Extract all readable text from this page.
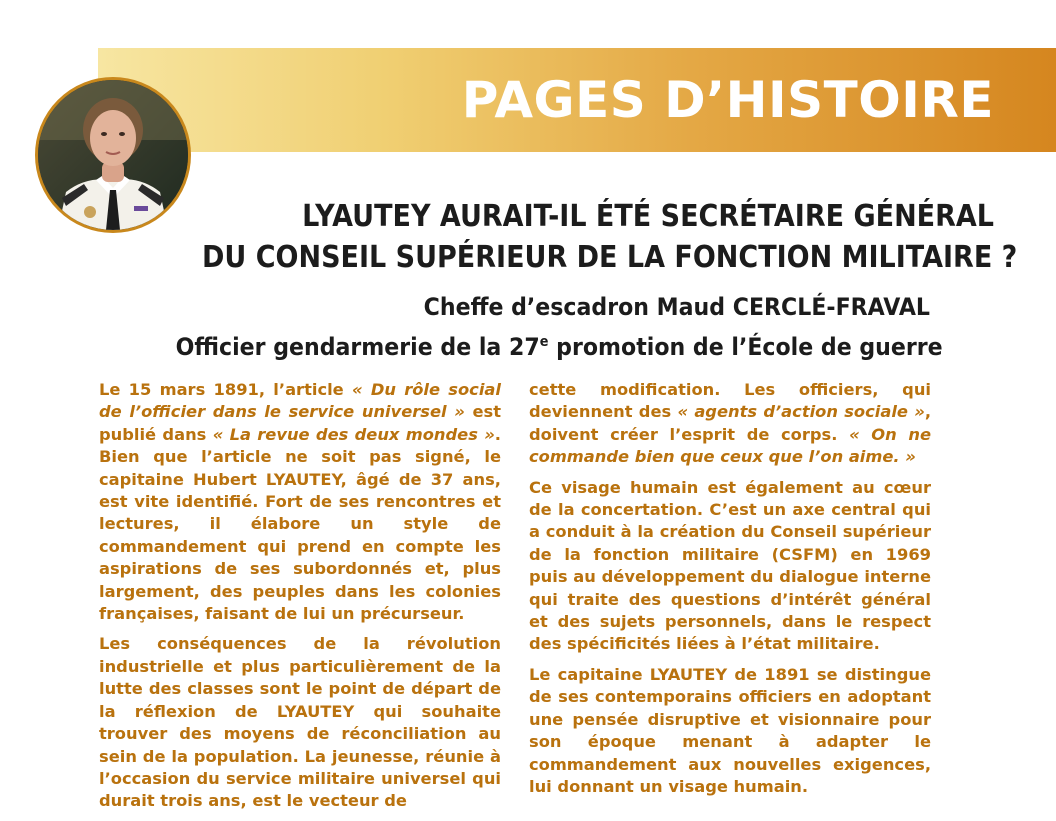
PAGES D’HISTOIRE
LYAUTEY AURAIT-IL ÉTÉ SECRÉTAIRE GÉNÉRAL
DU CONSEIL SUPÉRIEUR DE LA FONCTION MILITAIRE ?
Cheffe d’escadron Maud CERCLÉ-FRAVAL
Officier gendarmerie de la 27e promotion de l’École de guerre

Le 15 mars 1891, l’article « Du rôle social de l’officier dans le service universel » est publié dans « La revue des deux mondes ». Bien que l’article ne soit pas signé, le capitaine Hubert LYAUTEY, âgé de 37 ans, est vite identifié. Fort de ses rencontres et lectures, il élabore un style de commandement qui prend en compte les aspirations de ses subordonnés et, plus largement, des peuples dans les colonies françaises, faisant de lui un précurseur.

Les conséquences de la révolution industrielle et plus particulièrement de la lutte des classes sont le point de départ de la réflexion de LYAUTEY qui souhaite trouver des moyens de réconciliation au sein de la population. La jeunesse, réunie à l’occasion du service militaire universel qui durait trois ans, est le vecteur de

cette modification. Les officiers, qui deviennent des « agents d’action sociale », doivent créer l’esprit de corps. « On ne commande bien que ceux que l’on aime. »

Ce visage humain est également au cœur de la concertation. C’est un axe central qui a conduit à la création du Conseil supérieur de la fonction militaire (CSFM) en 1969 puis au développement du dialogue interne qui traite des questions d’intérêt général et des sujets personnels, dans le respect des spécificités liées à l’état militaire.

Le capitaine LYAUTEY de 1891 se distingue de ses contemporains officiers en adoptant une pensée disruptive et visionnaire pour son époque menant à adapter le commandement aux nouvelles exigences, lui donnant un visage humain.
